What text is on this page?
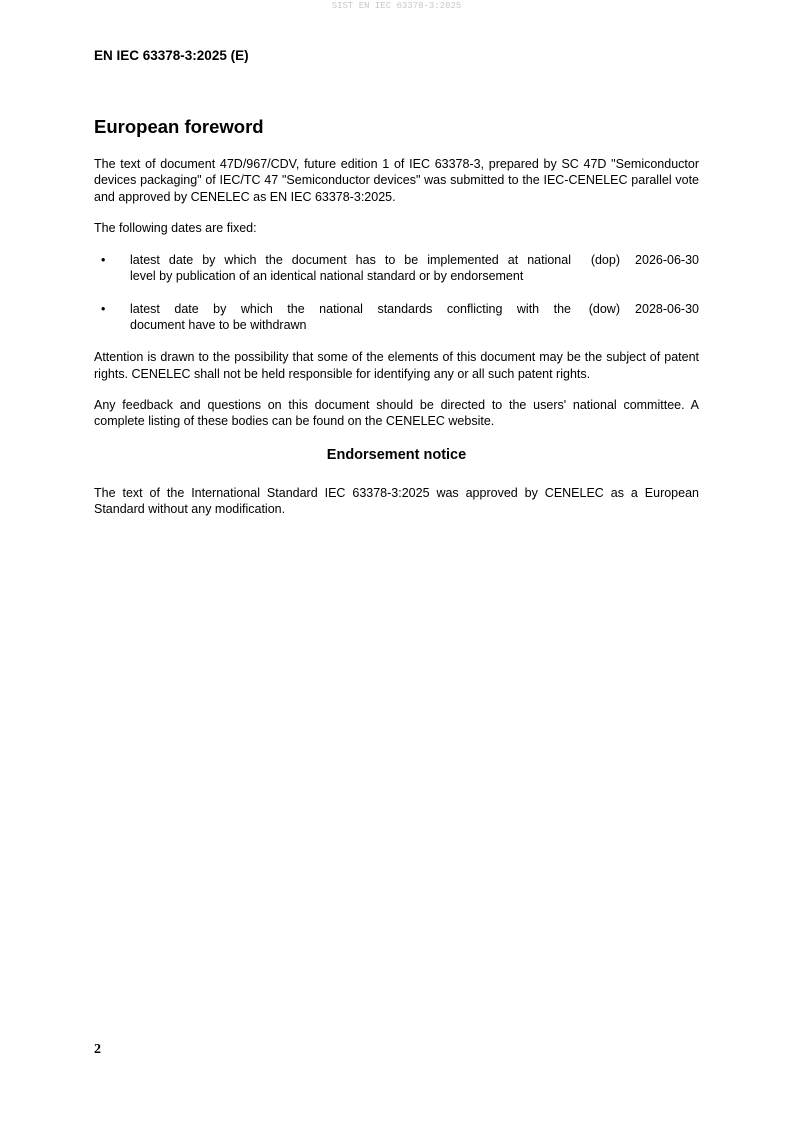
SIST EN IEC 63378-3:2025
EN IEC 63378-3:2025 (E)
European foreword

The text of document 47D/967/CDV, future edition 1 of IEC 63378-3, prepared by SC 47D "Semiconductor devices packaging" of IEC/TC 47 "Semiconductor devices" was submitted to the IEC-CENELEC parallel vote and approved by CENELEC as EN IEC 63378-3:2025.

The following dates are fixed:

•	latest date by which the document has to be implemented at national
level by publication of an identical national standard or by endorsement
(dop)	2026-06-30
•	latest date by which the national standards conflicting with the
document have to be withdrawn
(dow)	2028-06-30

Attention is drawn to the possibility that some of the elements of this document may be the subject of patent rights. CENELEC shall not be held responsible for identifying any or all such patent rights.

Any feedback and questions on this document should be directed to the users' national committee. A complete listing of these bodies can be found on the CENELEC website.

Endorsement notice

The text of the International Standard IEC 63378-3:2025 was approved by CENELEC as a European Standard without any modification.

2
